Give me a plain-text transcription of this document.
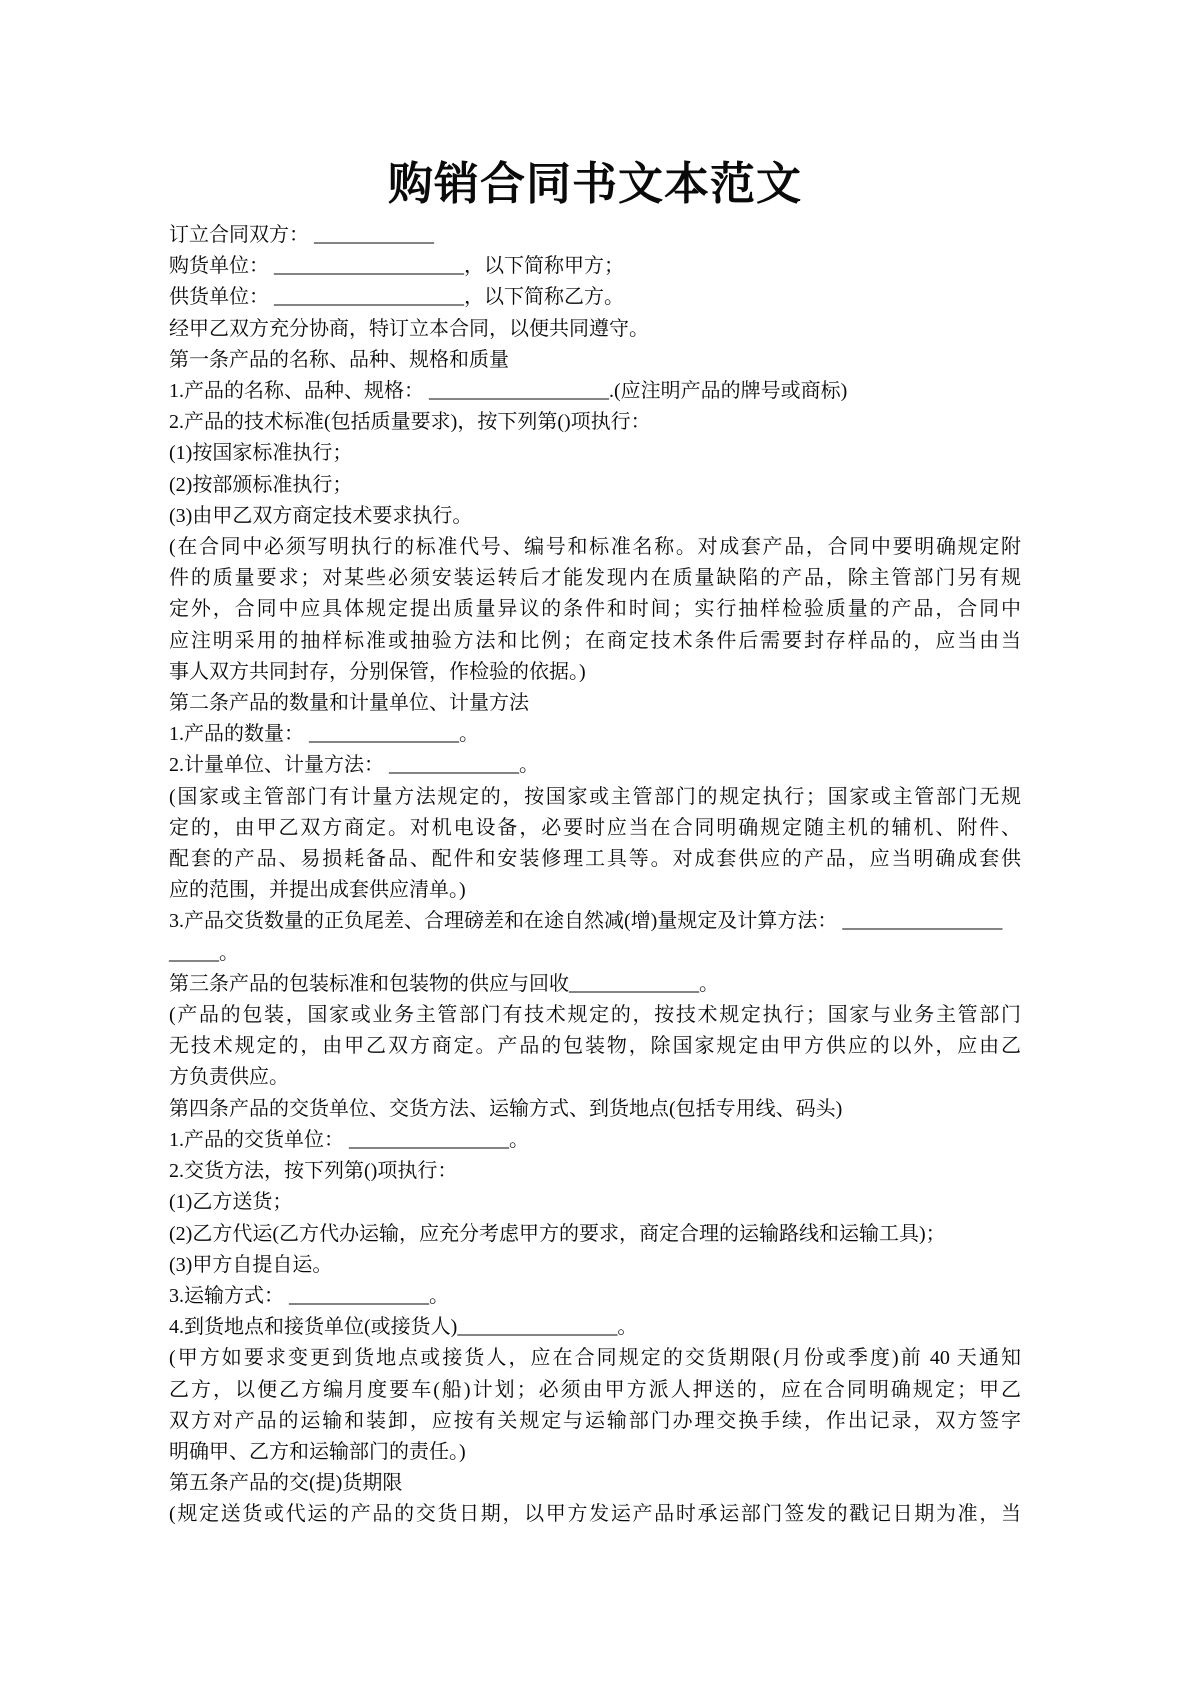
购销合同书文本范文
订立合同双方： ____________
购货单位： ___________________，以下简称甲方；
供货单位： ___________________，以下简称乙方。
经甲乙双方充分协商，特订立本合同，以便共同遵守。
第一条产品的名称、品种、规格和质量
1.产品的名称、品种、规格： __________________.(应注明产品的牌号或商标)
2.产品的技术标准(包括质量要求)，按下列第()项执行：
(1)按国家标准执行；
(2)按部颁标准执行；
(3)由甲乙双方商定技术要求执行。
(在合同中必须写明执行的标准代号、编号和标准名称。对成套产品，合同中要明确规定附
件的质量要求；对某些必须安装运转后才能发现内在质量缺陷的产品，除主管部门另有规
定外，合同中应具体规定提出质量异议的条件和时间；实行抽样检验质量的产品，合同中
应注明采用的抽样标准或抽验方法和比例；在商定技术条件后需要封存样品的，应当由当
事人双方共同封存，分别保管，作检验的依据。)
第二条产品的数量和计量单位、计量方法
1.产品的数量： _______________。
2.计量单位、计量方法： _____________。
(国家或主管部门有计量方法规定的，按国家或主管部门的规定执行；国家或主管部门无规
定的，由甲乙双方商定。对机电设备，必要时应当在合同明确规定随主机的辅机、附件、
配套的产品、易损耗备品、配件和安装修理工具等。对成套供应的产品，应当明确成套供
应的范围，并提出成套供应清单。)
3.产品交货数量的正负尾差、合理磅差和在途自然减(增)量规定及计算方法： ________________
_____。
第三条产品的包装标准和包装物的供应与回收_____________。
(产品的包装，国家或业务主管部门有技术规定的，按技术规定执行；国家与业务主管部门
无技术规定的，由甲乙双方商定。产品的包装物，除国家规定由甲方供应的以外，应由乙
方负责供应。
第四条产品的交货单位、交货方法、运输方式、到货地点(包括专用线、码头)
1.产品的交货单位： ________________。
2.交货方法，按下列第()项执行：
(1)乙方送货；
(2)乙方代运(乙方代办运输，应充分考虑甲方的要求，商定合理的运输路线和运输工具)；
(3)甲方自提自运。
3.运输方式： ______________。
4.到货地点和接货单位(或接货人)________________。
(甲方如要求变更到货地点或接货人，应在合同规定的交货期限(月份或季度)前 40 天通知
乙方，以便乙方编月度要车(船)计划；必须由甲方派人押送的，应在合同明确规定；甲乙
双方对产品的运输和装卸，应按有关规定与运输部门办理交换手续，作出记录，双方签字
明确甲、乙方和运输部门的责任。)
第五条产品的交(提)货期限
(规定送货或代运的产品的交货日期，以甲方发运产品时承运部门签发的戳记日期为准，当
